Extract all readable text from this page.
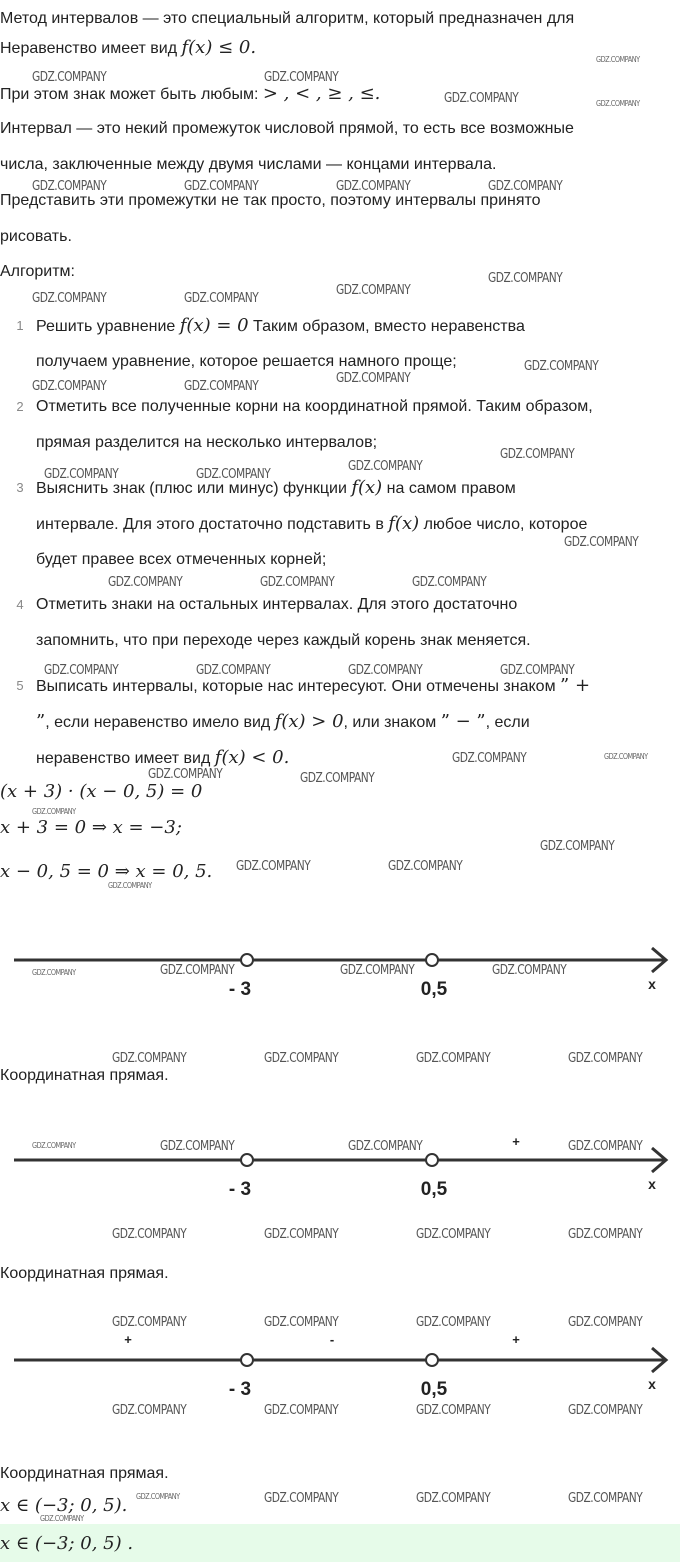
Метод интервалов — это специальный алгоритм, который предназначен для
Неравенство имеет вид f(x) ≤ 0.
При этом знак может быть любым: > , < , ≥ , ≤.
Интервал — это некий промежуток числовой прямой, то есть все возможные
числа, заключенные между двумя числами — концами интервала.
Представить эти промежутки не так просто, поэтому интервалы принято
рисовать.
Алгоритм:
1 Решить уравнение f(x) = 0 Таким образом, вместо неравенства
получаем уравнение, которое решается намного проще;
2 Отметить все полученные корни на координатной прямой. Таким образом,
прямая разделится на несколько интервалов;
3 Выяснить знак (плюс или минус) функции f(x) на самом правом
интервале. Для этого достаточно подставить в f(x) любое число, которое
будет правее всех отмеченных корней;
4 Отметить знаки на остальных интервалах. Для этого достаточно
запомнить, что при переходе через каждый корень знак меняется.
5 Выписать интервалы, которые нас интересуют. Они отмечены знаком ” +
”, если неравенство имело вид f(x) > 0, или знаком ” − ”, если
неравенство имеет вид f(x) < 0.
(x + 3) · (x − 0, 5) = 0
x + 3 = 0 ⇒ x = −3;
x − 0, 5 = 0 ⇒ x = 0, 5.
- 3	0,5	x
Координатная прямая.
+
- 3	0,5	x
Координатная прямая.
+	-	+
- 3	0,5	x
Координатная прямая.
x ∈ (−3; 0, 5).
x ∈ (−3; 0, 5) .
GDZ.COMPANY	GDZ.COMPANY
GDZ.COMPANY
GDZ.COMPANY
GDZ.COMPANY
GDZ.COMPANY	GDZ.COMPANY	GDZ.COMPANY	GDZ.COMPANY
GDZ.COMPANY
GDZ.COMPANY
GDZ.COMPANY	GDZ.COMPANY
GDZ.COMPANY
GDZ.COMPANY
GDZ.COMPANY	GDZ.COMPANY
GDZ.COMPANY
GDZ.COMPANY
GDZ.COMPANY	GDZ.COMPANY
GDZ.COMPANY
GDZ.COMPANY	GDZ.COMPANY	GDZ.COMPANY
GDZ.COMPANY	GDZ.COMPANY	GDZ.COMPANY	GDZ.COMPANY
GDZ.COMPANY	GDZ.COMPANY
GDZ.COMPANY	GDZ.COMPANY
GDZ.COMPANY
GDZ.COMPANY
GDZ.COMPANY	GDZ.COMPANY
GDZ.COMPANY
GDZ.COMPANY	GDZ.COMPANY	GDZ.COMPANY
GDZ.COMPANY
GDZ.COMPANY	GDZ.COMPANY	GDZ.COMPANY	GDZ.COMPANY
GDZ.COMPANY	GDZ.COMPANY	GDZ.COMPANY	GDZ.COMPANY
GDZ.COMPANY	GDZ.COMPANY	GDZ.COMPANY	GDZ.COMPANY
GDZ.COMPANY	GDZ.COMPANY	GDZ.COMPANY	GDZ.COMPANY
GDZ.COMPANY	GDZ.COMPANY	GDZ.COMPANY	GDZ.COMPANY
GDZ.COMPANY	GDZ.COMPANY	GDZ.COMPANY	GDZ.COMPANY
GDZ.COMPANY
